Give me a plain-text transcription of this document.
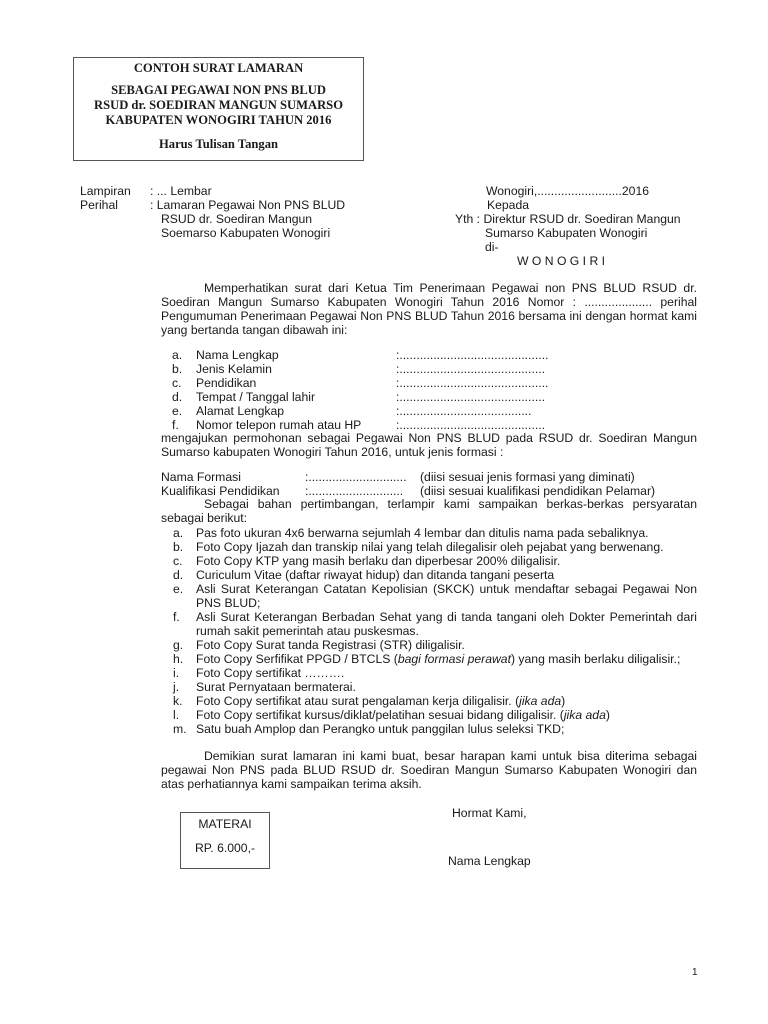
CONTOH SURAT LAMARAN
SEBAGAI PEGAWAI NON PNS BLUD
RSUD dr. SOEDIRAN MANGUN SUMARSO
KABUPATEN WONOGIRI TAHUN 2016
Harus Tulisan Tangan
Lampiran : ... Lembar
Perihal	: Lamaran Pegawai Non PNS BLUD
RSUD dr. Soediran Mangun
Soemarso Kabupaten Wonogiri
Wonogiri,.........................2016
Kepada
Yth : Direktur RSUD dr. Soediran Mangun
Sumarso Kabupaten Wonogiri
di-
W O N O G I R I
Memperhatikan surat dari Ketua Tim Penerimaan Pegawai non PNS BLUD RSUD dr. Soediran Mangun Sumarso Kabupaten Wonogiri Tahun 2016 Nomor : .................... perihal Pengumuman Penerimaan Pegawai Non PNS BLUD Tahun 2016 bersama ini dengan hormat kami yang bertanda tangan dibawah ini:
a. Nama Lengkap	:............................................
b. Jenis Kelamin	:...........................................
c. Pendidikan	:............................................
d. Tempat / Tanggal lahir	:...........................................
e. Alamat Lengkap	:.......................................
f. Nomor telepon rumah atau HP	:...........................................
mengajukan permohonan sebagai Pegawai Non PNS BLUD pada RSUD dr. Soediran Mangun Sumarso kabupaten Wonogiri Tahun 2016, untuk jenis formasi :
Nama Formasi	:............................. (diisi sesuai jenis formasi yang diminati)
Kualifikasi Pendidikan :............................ (diisi sesuai kualifikasi pendidikan Pelamar)
Sebagai bahan pertimbangan, terlampir kami sampaikan berkas-berkas persyaratan sebagai berikut:
a. Pas foto ukuran 4x6 berwarna sejumlah 4 lembar dan ditulis nama pada sebaliknya.
b. Foto Copy Ijazah dan transkip nilai yang telah dilegalisir oleh pejabat yang berwenang.
c. Foto Copy KTP yang masih berlaku dan diperbesar 200% diligalisir.
d. Curiculum Vitae (daftar riwayat hidup) dan ditanda tangani peserta
e. Asli Surat Keterangan Catatan Kepolisian (SKCK) untuk mendaftar sebagai Pegawai Non PNS BLUD;
f. Asli Surat Keterangan Berbadan Sehat yang di tanda tangani oleh Dokter Pemerintah dari rumah sakit pemerintah atau puskesmas.
g. Foto Copy Surat tanda Registrasi (STR) diligalisir.
h. Foto Copy Serfifikat PPGD / BTCLS (bagi formasi perawat) yang masih berlaku diligalisir.;
i. Foto Copy sertifikat ……….
j. Surat Pernyataan bermaterai.
k. Foto Copy sertifikat atau surat pengalaman kerja diligalisir. (jika ada)
l. Foto Copy sertifikat kursus/diklat/pelatihan sesuai bidang diligalisir. (jika ada)
m. Satu buah Amplop dan Perangko untuk panggilan lulus seleksi TKD;
Demikian surat lamaran ini kami buat, besar harapan kami untuk bisa diterima sebagai pegawai Non PNS pada BLUD RSUD dr. Soediran Mangun Sumarso Kabupaten Wonogiri dan atas perhatiannya kami sampaikan terima aksih.
Hormat Kami,
MATERAI
RP. 6.000,-
Nama Lengkap
1
